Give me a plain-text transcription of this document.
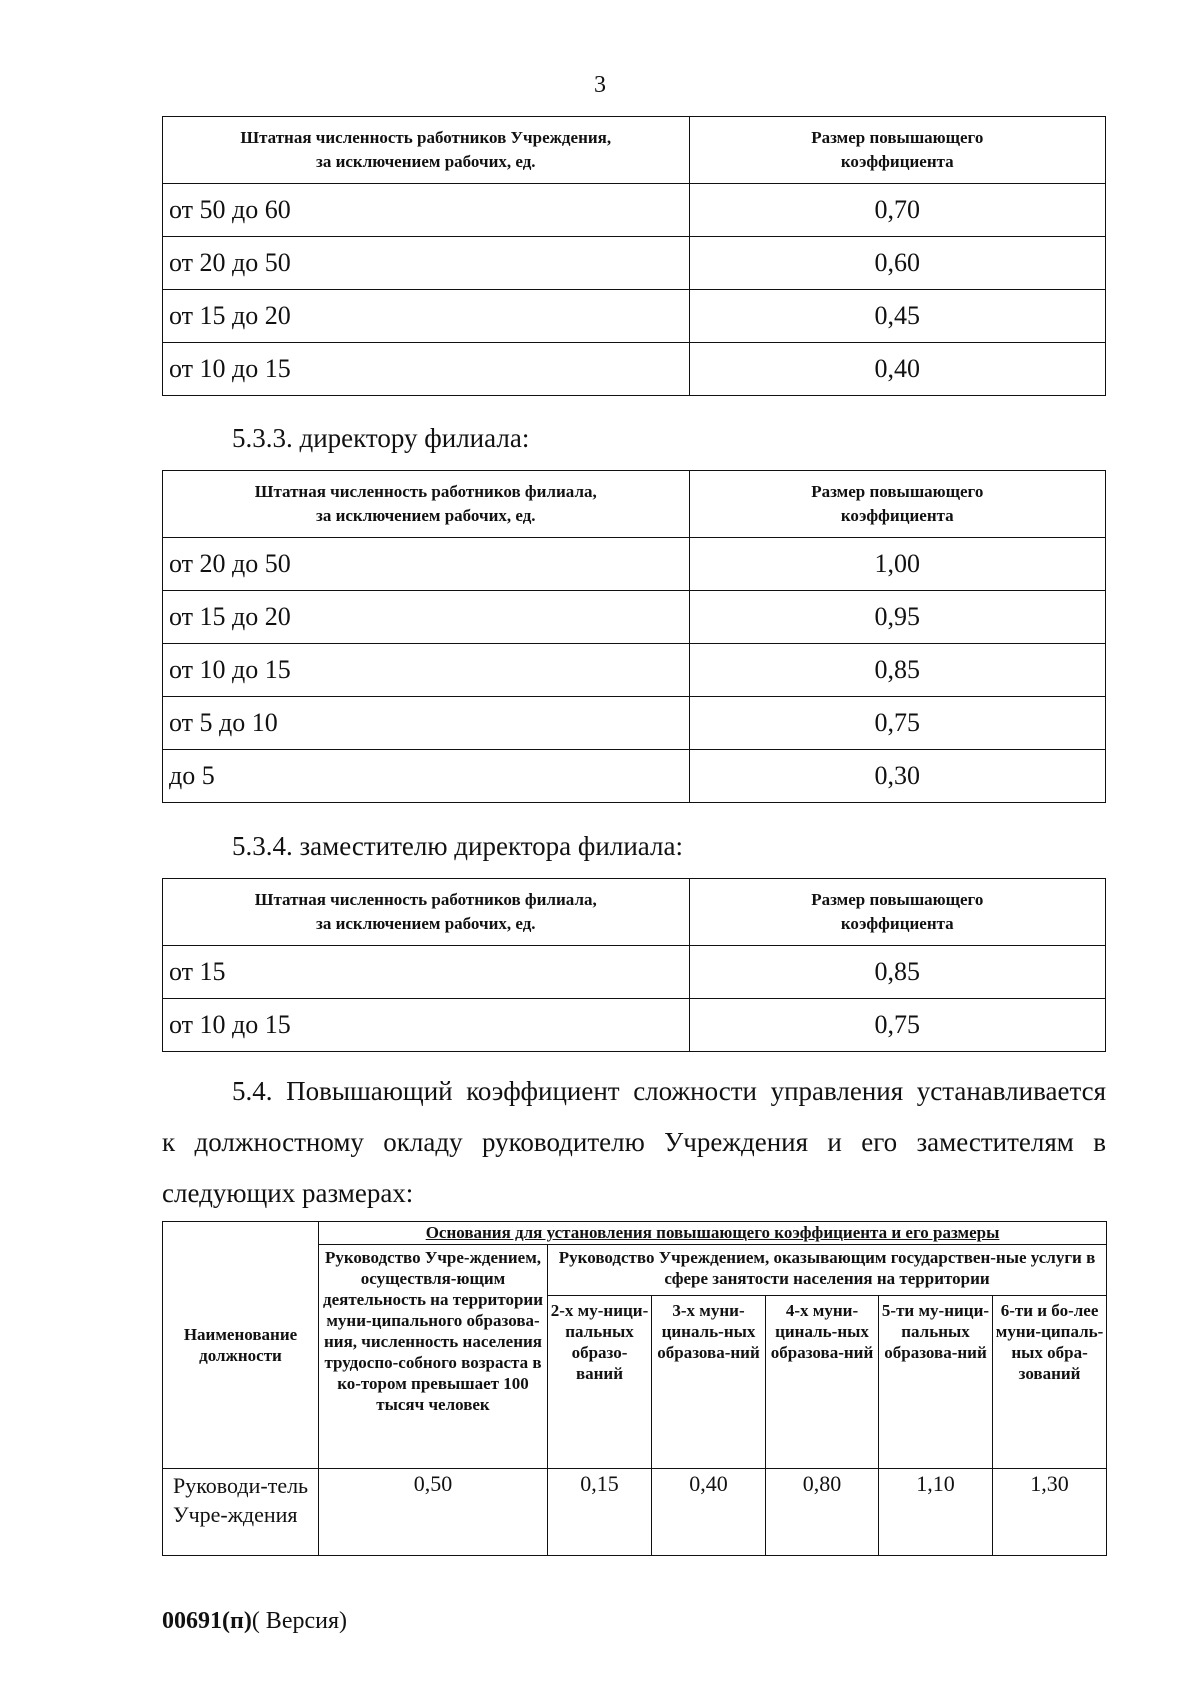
3
Штатная численность работников Учреждения,
за исключением рабочих, ед.	Размер повышающего
коэффициента
от 50 до 60	0,70
от 20 до 50	0,60
от 15 до 20	0,45
от 10 до 15	0,40
5.3.3. директору филиала:
Штатная численность работников филиала,
за исключением рабочих, ед.	Размер повышающего
коэффициента
от 20 до 50	1,00
от 15 до 20	0,95
от 10 до 15	0,85
от 5 до 10	0,75
до 5	0,30
5.3.4. заместителю директора филиала:
Штатная численность работников филиала,
за исключением рабочих, ед.	Размер повышающего
коэффициента
от 15	0,85
от 10 до 15	0,75
5.4. Повышающий коэффициент сложности управления устанавливается
к должностному окладу руководителю Учреждения и его заместителям в
следующих размерах:
Наименование должности	Основания для установления повышающего коэффициента и его размеры					
	Руководство Учре-ждением, осуществля-ющим деятельность на территории муни-ципального образова-ния, численность населения трудоспо-собного возраста в ко-тором превышает 100 тысяч человек	Руководство Учреждением, оказывающим государствен-ные услуги в сфере занятости населения на территории				
		2-х му-ници-пальных образо-ваний	3-х муни-циналь-ных образова-ний	4-х муни-циналь-ных образова-ний	5-ти му-ници-пальных образова-ний	6-ти и бо-лее муни-ципаль-ных обра-зований
Руководи-тель Учре-ждения	0,50	0,15	0,40	0,80	1,10	1,30
00691(п)( Версия)
